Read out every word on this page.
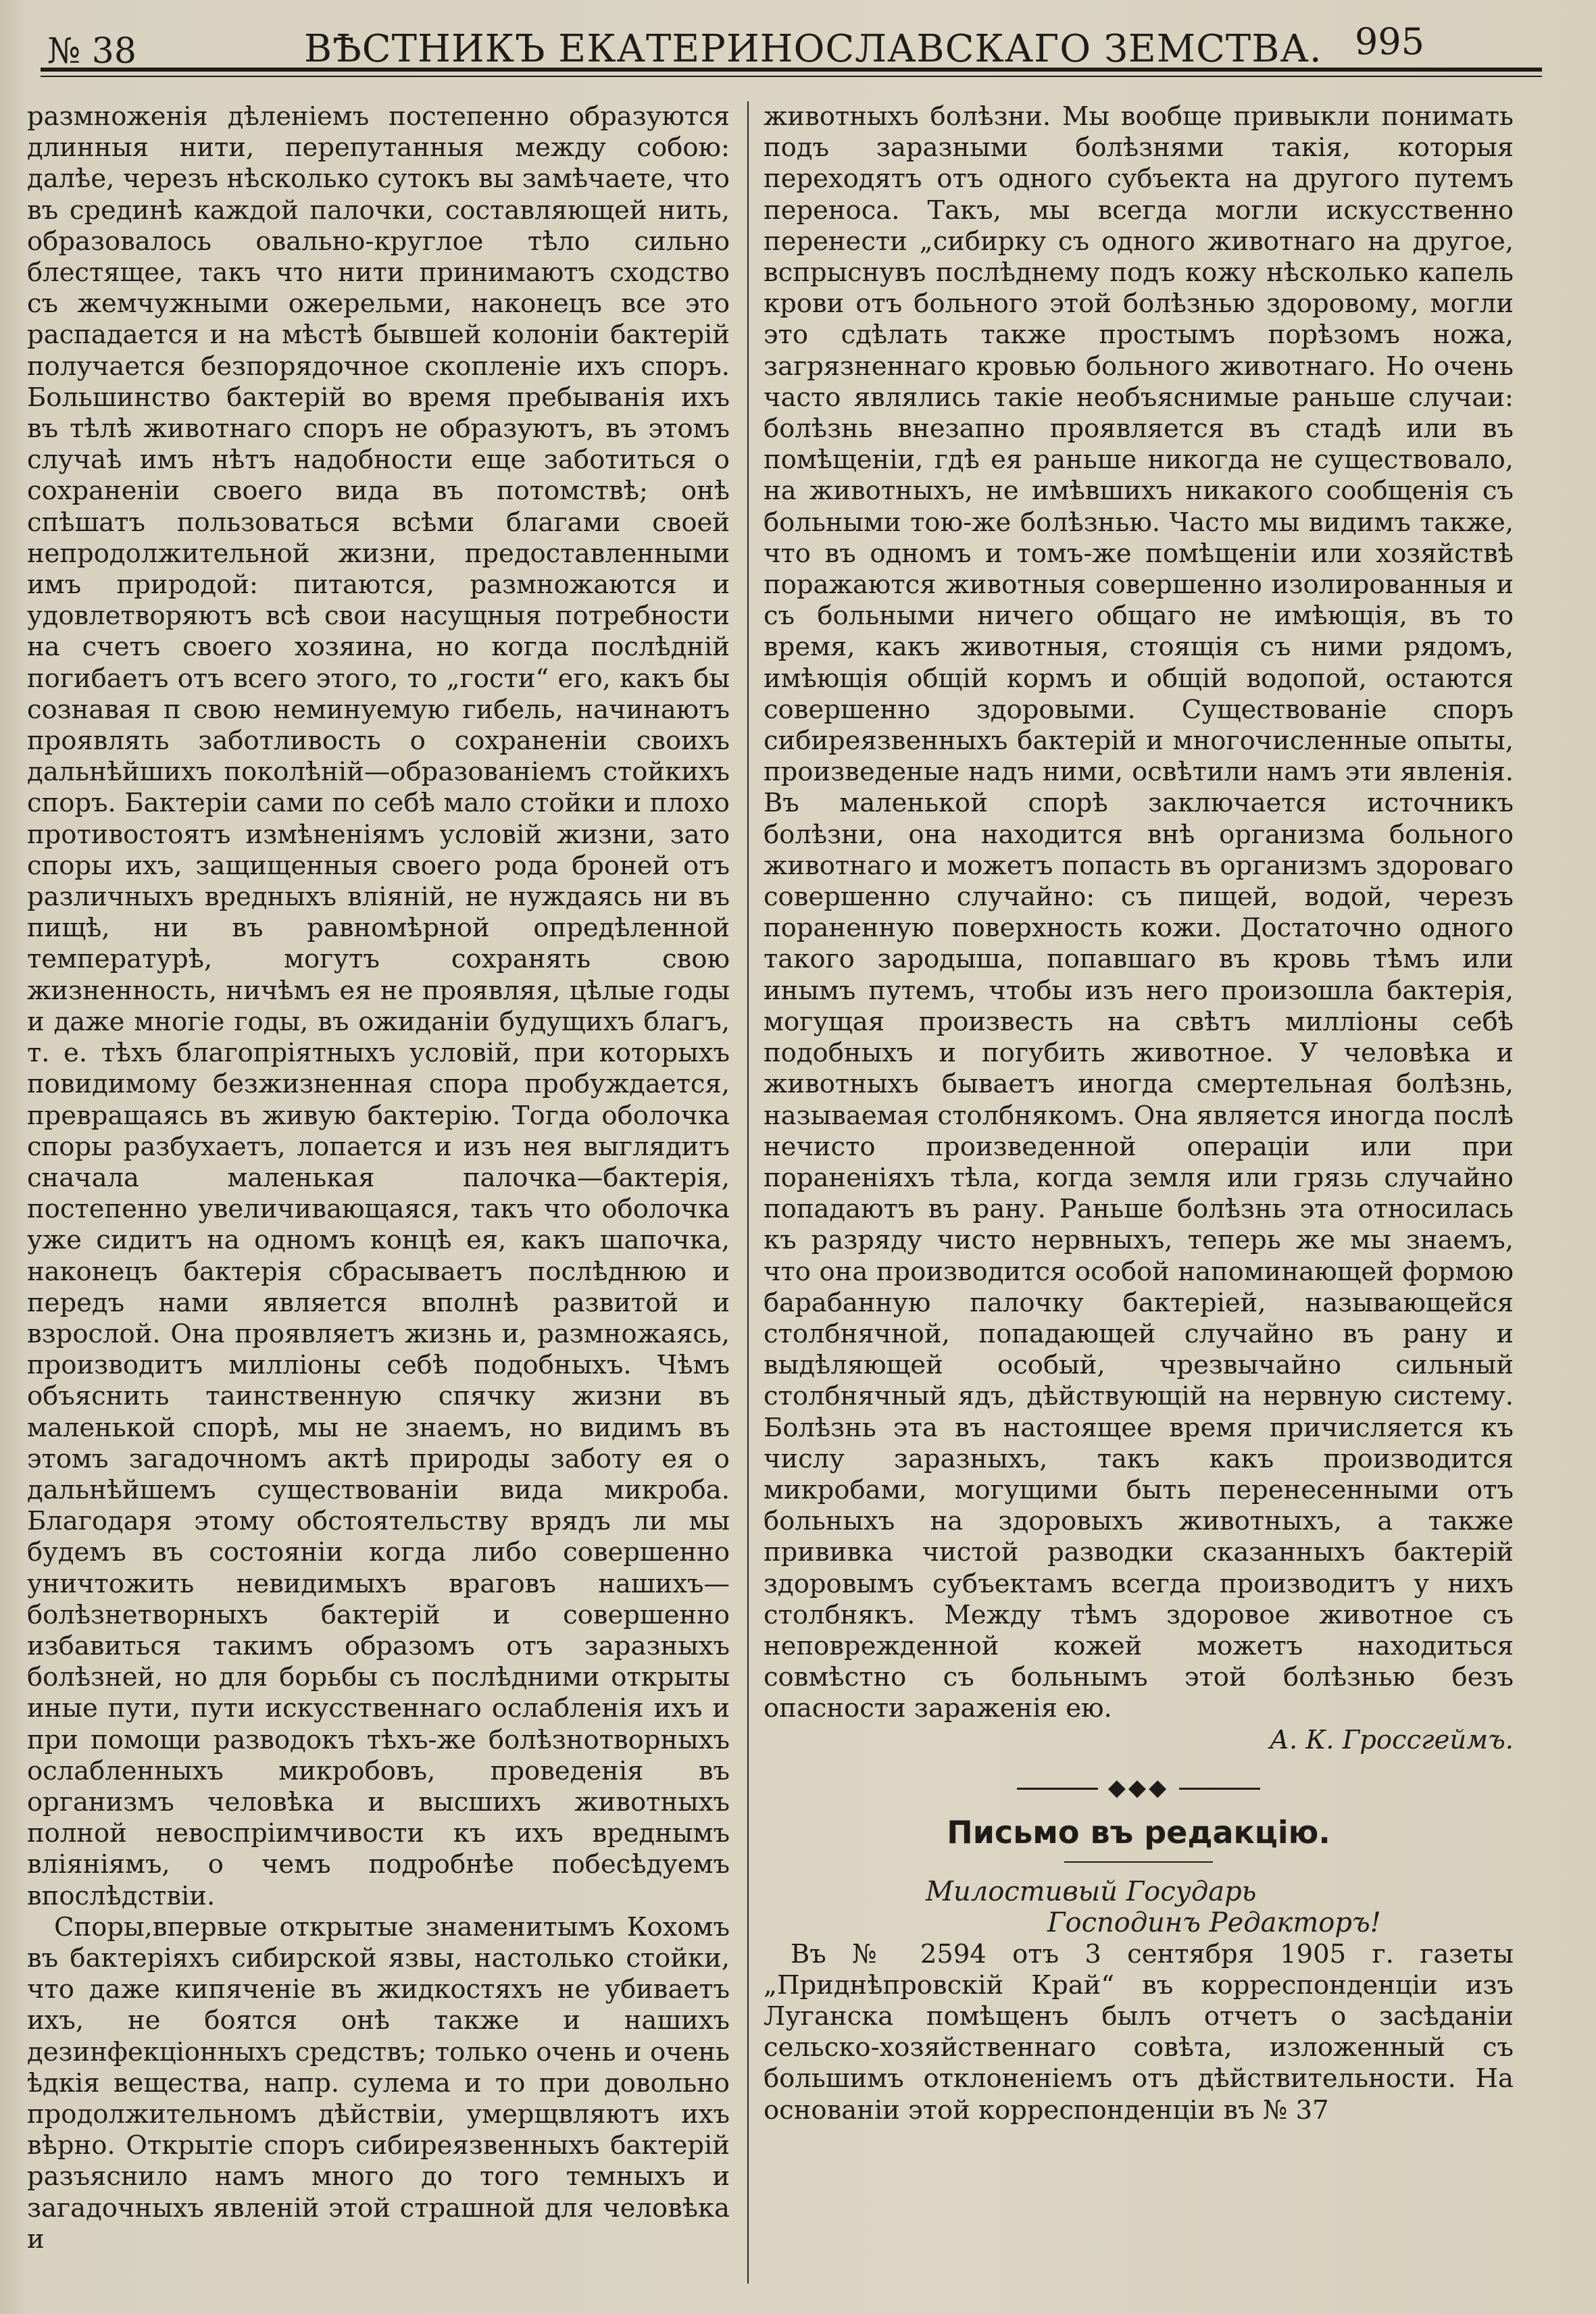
№ 38	ВѢСТНИКЪ ЕКАТЕРИНОСЛАВСКАГО ЗЕМСТВА. 995

размноженія дѣленіемъ постепенно образуются длинныя нити, перепутанныя между собою: далѣе, черезъ нѣсколько сутокъ вы замѣчаете, что въ срединѣ каждой палочки, составляющей нить, образовалось овально-круглое тѣло сильно блестящее, такъ что нити принимаютъ сходство съ жемчужными ожерельми, наконецъ все это распадается и на мѣстѣ бывшей колоніи бактерій получается безпорядочное скопленіе ихъ споръ. Большинство бактерій во время пребыванія ихъ въ тѣлѣ животнаго споръ не образуютъ, въ этомъ случаѣ имъ нѣтъ надобности еще заботиться о сохраненіи своего вида въ потомствѣ; онѣ спѣшатъ пользоваться всѣми благами своей непродолжительной жизни, предоставленными имъ природой: питаются, размножаются и удовлетворяютъ всѣ свои насущныя потребности на счетъ своего хозяина, но когда послѣдній погибаетъ отъ всего этого, то „гости“ его, какъ бы сознавая п свою неминуемую гибель, начинаютъ проявлять заботливость о сохраненіи своихъ дальнѣйшихъ поколѣній—образованіемъ стойкихъ споръ. Бактеріи сами по себѣ мало стойки и плохо противостоятъ измѣненіямъ условій жизни, зато споры ихъ, защищенныя своего рода броней отъ различныхъ вредныхъ вліяній, не нуждаясь ни въ пищѣ, ни въ равномѣрной опредѣленной температурѣ, могутъ сохранять свою жизненность, ничѣмъ ея не проявляя, цѣлые годы и даже многіе годы, въ ожиданіи будущихъ благъ, т. е. тѣхъ благопріятныхъ условій, при которыхъ повидимому безжизненная спора пробуждается, превращаясь въ живую бактерію. Тогда оболочка споры разбухаетъ, лопается и изъ нея выглядитъ сначала маленькая палочка—бактерія, постепенно увеличивающаяся, такъ что оболочка уже сидитъ на одномъ концѣ ея, какъ шапочка, наконецъ бактерія сбрасываетъ послѣднюю и передъ нами является вполнѣ развитой и взрослой. Она проявляетъ жизнь и, размножаясь, производитъ милліоны себѣ подобныхъ. Чѣмъ объяснить таинственную спячку жизни въ маленькой спорѣ, мы не знаемъ, но видимъ въ этомъ загадочномъ актѣ природы заботу ея о дальнѣйшемъ существованіи вида микроба. Благодаря этому обстоятельству врядъ ли мы будемъ въ состояніи когда либо совершенно уничтожить невидимыхъ враговъ нашихъ—болѣзнетворныхъ бактерій и совершенно избавиться такимъ образомъ отъ заразныхъ болѣзней, но для борьбы съ послѣдними открыты иные пути, пути искусственнаго ослабленія ихъ и при помощи разводокъ тѣхъ-же болѣзнотворныхъ ослабленныхъ микробовъ, проведенія въ организмъ человѣка и высшихъ животныхъ полной невоспріимчивости къ ихъ вреднымъ вліяніямъ, о чемъ подробнѣе побесѣдуемъ впослѣдствіи.

Споры,впервые открытые знаменитымъ Кохомъ въ бактеріяхъ сибирской язвы, настолько стойки, что даже кипяченіе въ жидкостяхъ не убиваетъ ихъ, не боятся онѣ также и нашихъ дезинфекціонныхъ средствъ; только очень и очень ѣдкія вещества, напр. сулема и то при довольно продолжительномъ дѣйствіи, умерщвляютъ ихъ вѣрно. Открытіе споръ сибиреязвенныхъ бактерій разъяснило намъ много до того темныхъ и загадочныхъ явленій этой страшной для человѣка и

животныхъ болѣзни. Мы вообще привыкли понимать подъ заразными болѣзнями такія, которыя переходятъ отъ одного субъекта на другого путемъ переноса. Такъ, мы всегда могли искусственно перенести „сибирку съ одного животнаго на другое, вспрыснувъ послѣднему подъ кожу нѣсколько капель крови отъ больного этой болѣзнью здоровому, могли это сдѣлать также простымъ порѣзомъ ножа, загрязненнаго кровью больного животнаго. Но очень часто являлись такіе необъяснимые раньше случаи: болѣзнь внезапно проявляется въ стадѣ или въ помѣщеніи, гдѣ ея раньше никогда не существовало, на животныхъ, не имѣвшихъ никакого сообщенія съ больными тою-же болѣзнью. Часто мы видимъ также, что въ одномъ и томъ-же помѣщеніи или хозяйствѣ поражаются животныя совершенно изолированныя и съ больными ничего общаго не имѣющія, въ то время, какъ животныя, стоящія съ ними рядомъ, имѣющія общій кормъ и общій водопой, остаются совершенно здоровыми. Существованіе споръ сибиреязвенныхъ бактерій и многочисленные опыты, произведеные надъ ними, освѣтили намъ эти явленія. Въ маленькой спорѣ заключается источникъ болѣзни, она находится внѣ организма больного животнаго и можетъ попасть въ организмъ здороваго совершенно случайно: съ пищей, водой, черезъ пораненную поверхность кожи. Достаточно одного такого зародыша, попавшаго въ кровь тѣмъ или инымъ путемъ, чтобы изъ него произошла бактерія, могущая произвесть на свѣтъ милліоны себѣ подобныхъ и погубить животное. У человѣка и животныхъ бываетъ иногда смертельная болѣзнь, называемая столбнякомъ. Она является иногда послѣ нечисто произведенной операціи или при пораненіяхъ тѣла, когда земля или грязь случайно попадаютъ въ рану. Раньше болѣзнь эта относилась къ разряду чисто нервныхъ, теперь же мы знаемъ, что она производится особой напоминающей формою барабанную палочку бактеріей, называющейся столбнячной, попадающей случайно въ рану и выдѣляющей особый, чрезвычайно сильный столбнячный ядъ, дѣйствующій на нервную систему. Болѣзнь эта въ настоящее время причисляется къ числу заразныхъ, такъ какъ производится микробами, могущими быть перенесенными отъ больныхъ на здоровыхъ животныхъ, а также прививка чистой разводки сказанныхъ бактерій здоровымъ субъектамъ всегда производитъ у нихъ столбнякъ. Между тѣмъ здоровое животное съ неповрежденной кожей можетъ находиться совмѣстно съ больнымъ этой болѣзнью безъ опасности зараженія ею.

А. К. Гроссгеймъ.
◆◆◆
Письмо въ редакцію.
Милостивый Государь
Господинъ Редакторъ!

Въ № 2594 отъ 3 сентября 1905 г. газеты „Приднѣпровскій Край“ въ корреспонденціи изъ Луганска помѣщенъ былъ отчетъ о засѣданіи сельско-хозяйственнаго совѣта, изложенный съ большимъ отклоненіемъ отъ дѣйствительности. На основаніи этой корреспонденціи въ № 37
